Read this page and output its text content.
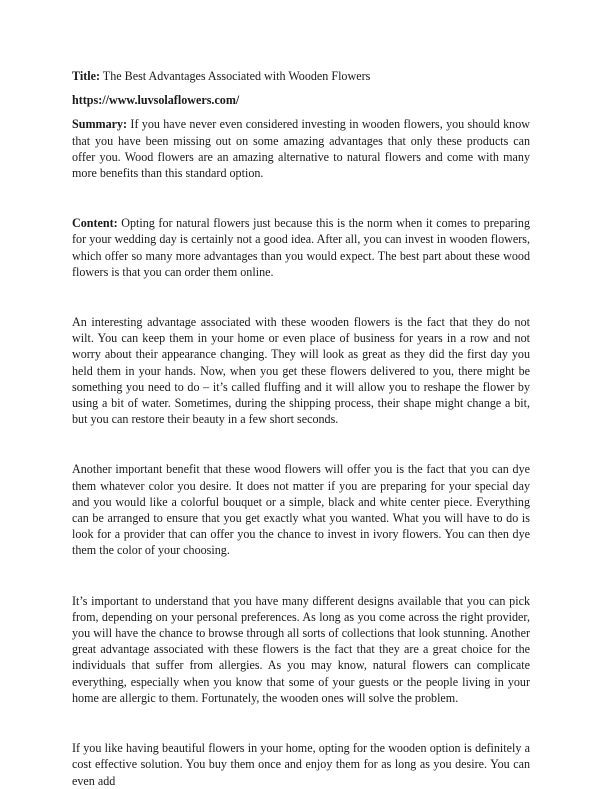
Title: The Best Advantages Associated with Wooden Flowers

https://www.luvsolaflowers.com/

Summary: If you have never even considered investing in wooden flowers, you should know that you have been missing out on some amazing advantages that only these products can offer you. Wood flowers are an amazing alternative to natural flowers and come with many more benefits than this standard option.

Content: Opting for natural flowers just because this is the norm when it comes to preparing for your wedding day is certainly not a good idea. After all, you can invest in wooden flowers, which offer so many more advantages than you would expect. The best part about these wood flowers is that you can order them online.

An interesting advantage associated with these wooden flowers is the fact that they do not wilt. You can keep them in your home or even place of business for years in a row and not worry about their appearance changing. They will look as great as they did the first day you held them in your hands. Now, when you get these flowers delivered to you, there might be something you need to do – it’s called fluffing and it will allow you to reshape the flower by using a bit of water. Sometimes, during the shipping process, their shape might change a bit, but you can restore their beauty in a few short seconds.

Another important benefit that these wood flowers will offer you is the fact that you can dye them whatever color you desire. It does not matter if you are preparing for your special day and you would like a colorful bouquet or a simple, black and white center piece. Everything can be arranged to ensure that you get exactly what you wanted. What you will have to do is look for a provider that can offer you the chance to invest in ivory flowers. You can then dye them the color of your choosing.

It’s important to understand that you have many different designs available that you can pick from, depending on your personal preferences. As long as you come across the right provider, you will have the chance to browse through all sorts of collections that look stunning. Another great advantage associated with these flowers is the fact that they are a great choice for the individuals that suffer from allergies. As you may know, natural flowers can complicate everything, especially when you know that some of your guests or the people living in your home are allergic to them. Fortunately, the wooden ones will solve the problem.

If you like having beautiful flowers in your home, opting for the wooden option is definitely a cost effective solution. You buy them once and enjoy them for as long as you desire. You can even add
